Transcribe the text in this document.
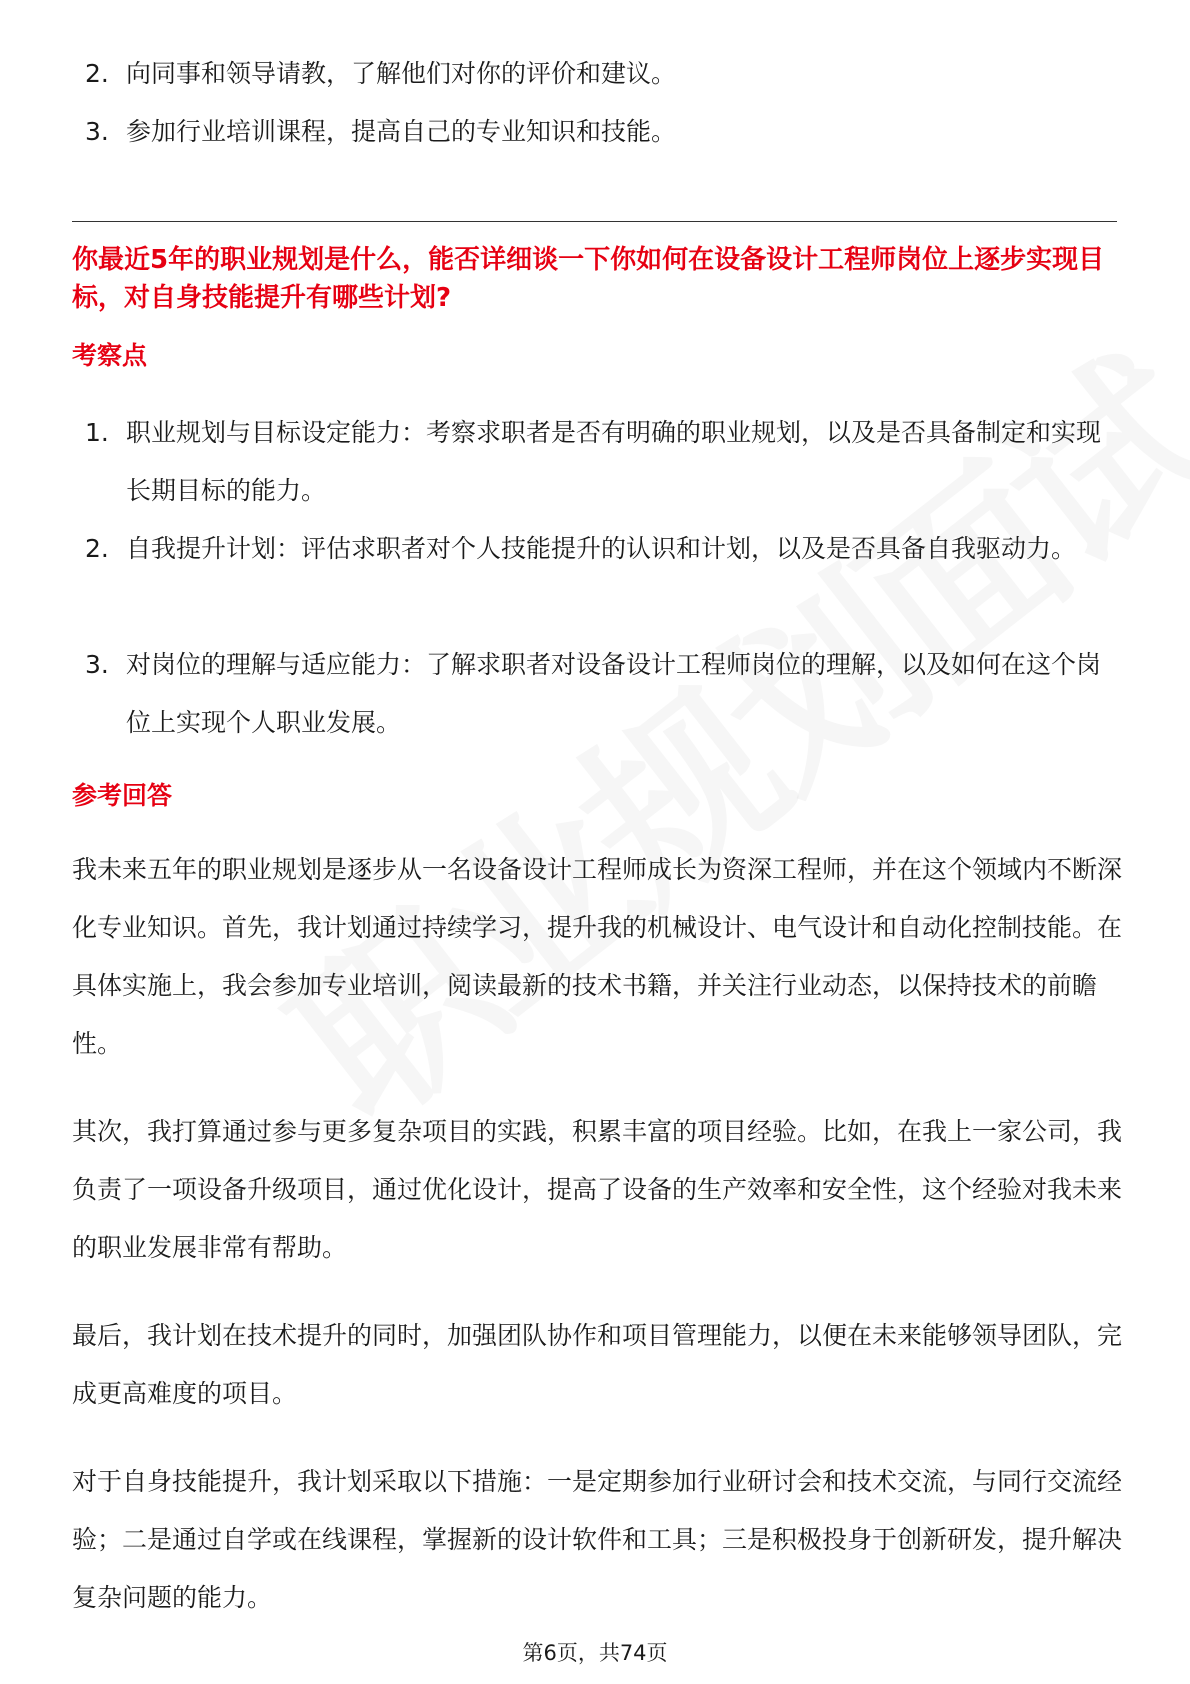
2. 向同事和领导请教，了解他们对你的评价和建议。
3. 参加行业培训课程，提高自己的专业知识和技能。
你最近5年的职业规划是什么，能否详细谈一下你如何在设备设计工程师岗位上逐步实现目标，对自身技能提升有哪些计划?
考察点
1. 职业规划与目标设定能力：考察求职者是否有明确的职业规划，以及是否具备制定和实现长期目标的能力。
2. 自我提升计划：评估求职者对个人技能提升的认识和计划，以及是否具备自我驱动力。
3. 对岗位的理解与适应能力：了解求职者对设备设计工程师岗位的理解，以及如何在这个岗位上实现个人职业发展。
参考回答

我未来五年的职业规划是逐步从一名设备设计工程师成长为资深工程师，并在这个领域内不断深化专业知识。首先，我计划通过持续学习，提升我的机械设计、电气设计和自动化控制技能。在具体实施上，我会参加专业培训，阅读最新的技术书籍，并关注行业动态，以保持技术的前瞻性。

其次，我打算通过参与更多复杂项目的实践，积累丰富的项目经验。比如，在我上一家公司，我负责了一项设备升级项目，通过优化设计，提高了设备的生产效率和安全性，这个经验对我未来的职业发展非常有帮助。

最后，我计划在技术提升的同时，加强团队协作和项目管理能力，以便在未来能够领导团队，完成更高难度的项目。

对于自身技能提升，我计划采取以下措施：一是定期参加行业研讨会和技术交流，与同行交流经验；二是通过自学或在线课程，掌握新的设计软件和工具；三是积极投身于创新研发，提升解决复杂问题的能力。

第6页，共74页
